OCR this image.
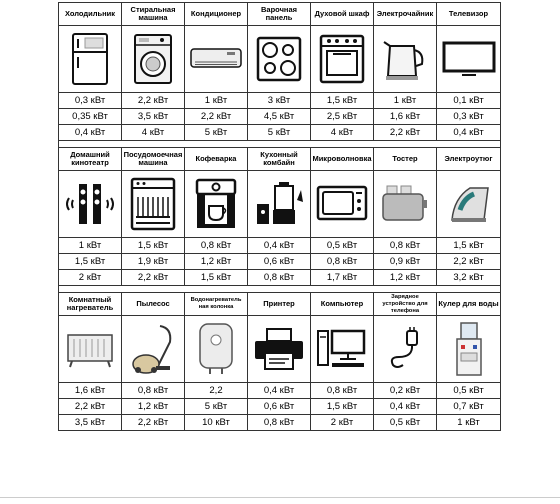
Холодильник	Стиральная машина	Кондиционер	Варочная панель	Духовой шкаф	Электрочайник	Телевизор

0,3 кВт	2,2 кВт	1 кВт	3 кВт	1,5 кВт	1 кВт	0,1 кВт
0,35 кВт	3,5 кВт	2,2 кВт	4,5 кВт	2,5 кВт	1,6 кВт	0,3 кВт
0,4 кВт	4 кВт	5 кВт	5 кВт	4 кВт	2,2 кВт	0,4 кВт

Домашний кинотеатр	Посудомоечная машина	Кофеварка	Кухонный комбайн	Микроволновка	Тостер	Электроутюг

1 кВт	1,5 кВт	0,8 кВт	0,4 кВт	0,5 кВт	0,8 кВт	1,5 кВт
1,5 кВт	1,9 кВт	1,2 кВт	0,6 кВт	0,8 кВт	0,9 кВт	2,2 кВт
2 кВт	2,2 кВт	1,5 кВт	0,8 кВт	1,7 кВт	1,2 кВт	3,2 кВт

Комнатный нагреватель	Пылесос	Водонагреватель ная колонка	Принтер	Компьютер	Зарядное устройство для телефона	Кулер для воды

1,6 кВт	0,8 кВт	2,2	0,4 кВт	0,8 кВт	0,2 кВт	0,5 кВт
2,2 кВт	1,2 кВт	5 кВт	0,6 кВт	1,5 кВт	0,4 кВт	0,7 кВт
3,5 кВт	2,2 кВт	10 кВт	0,8 кВт	2 кВт	0,5 кВт	1 кВт
